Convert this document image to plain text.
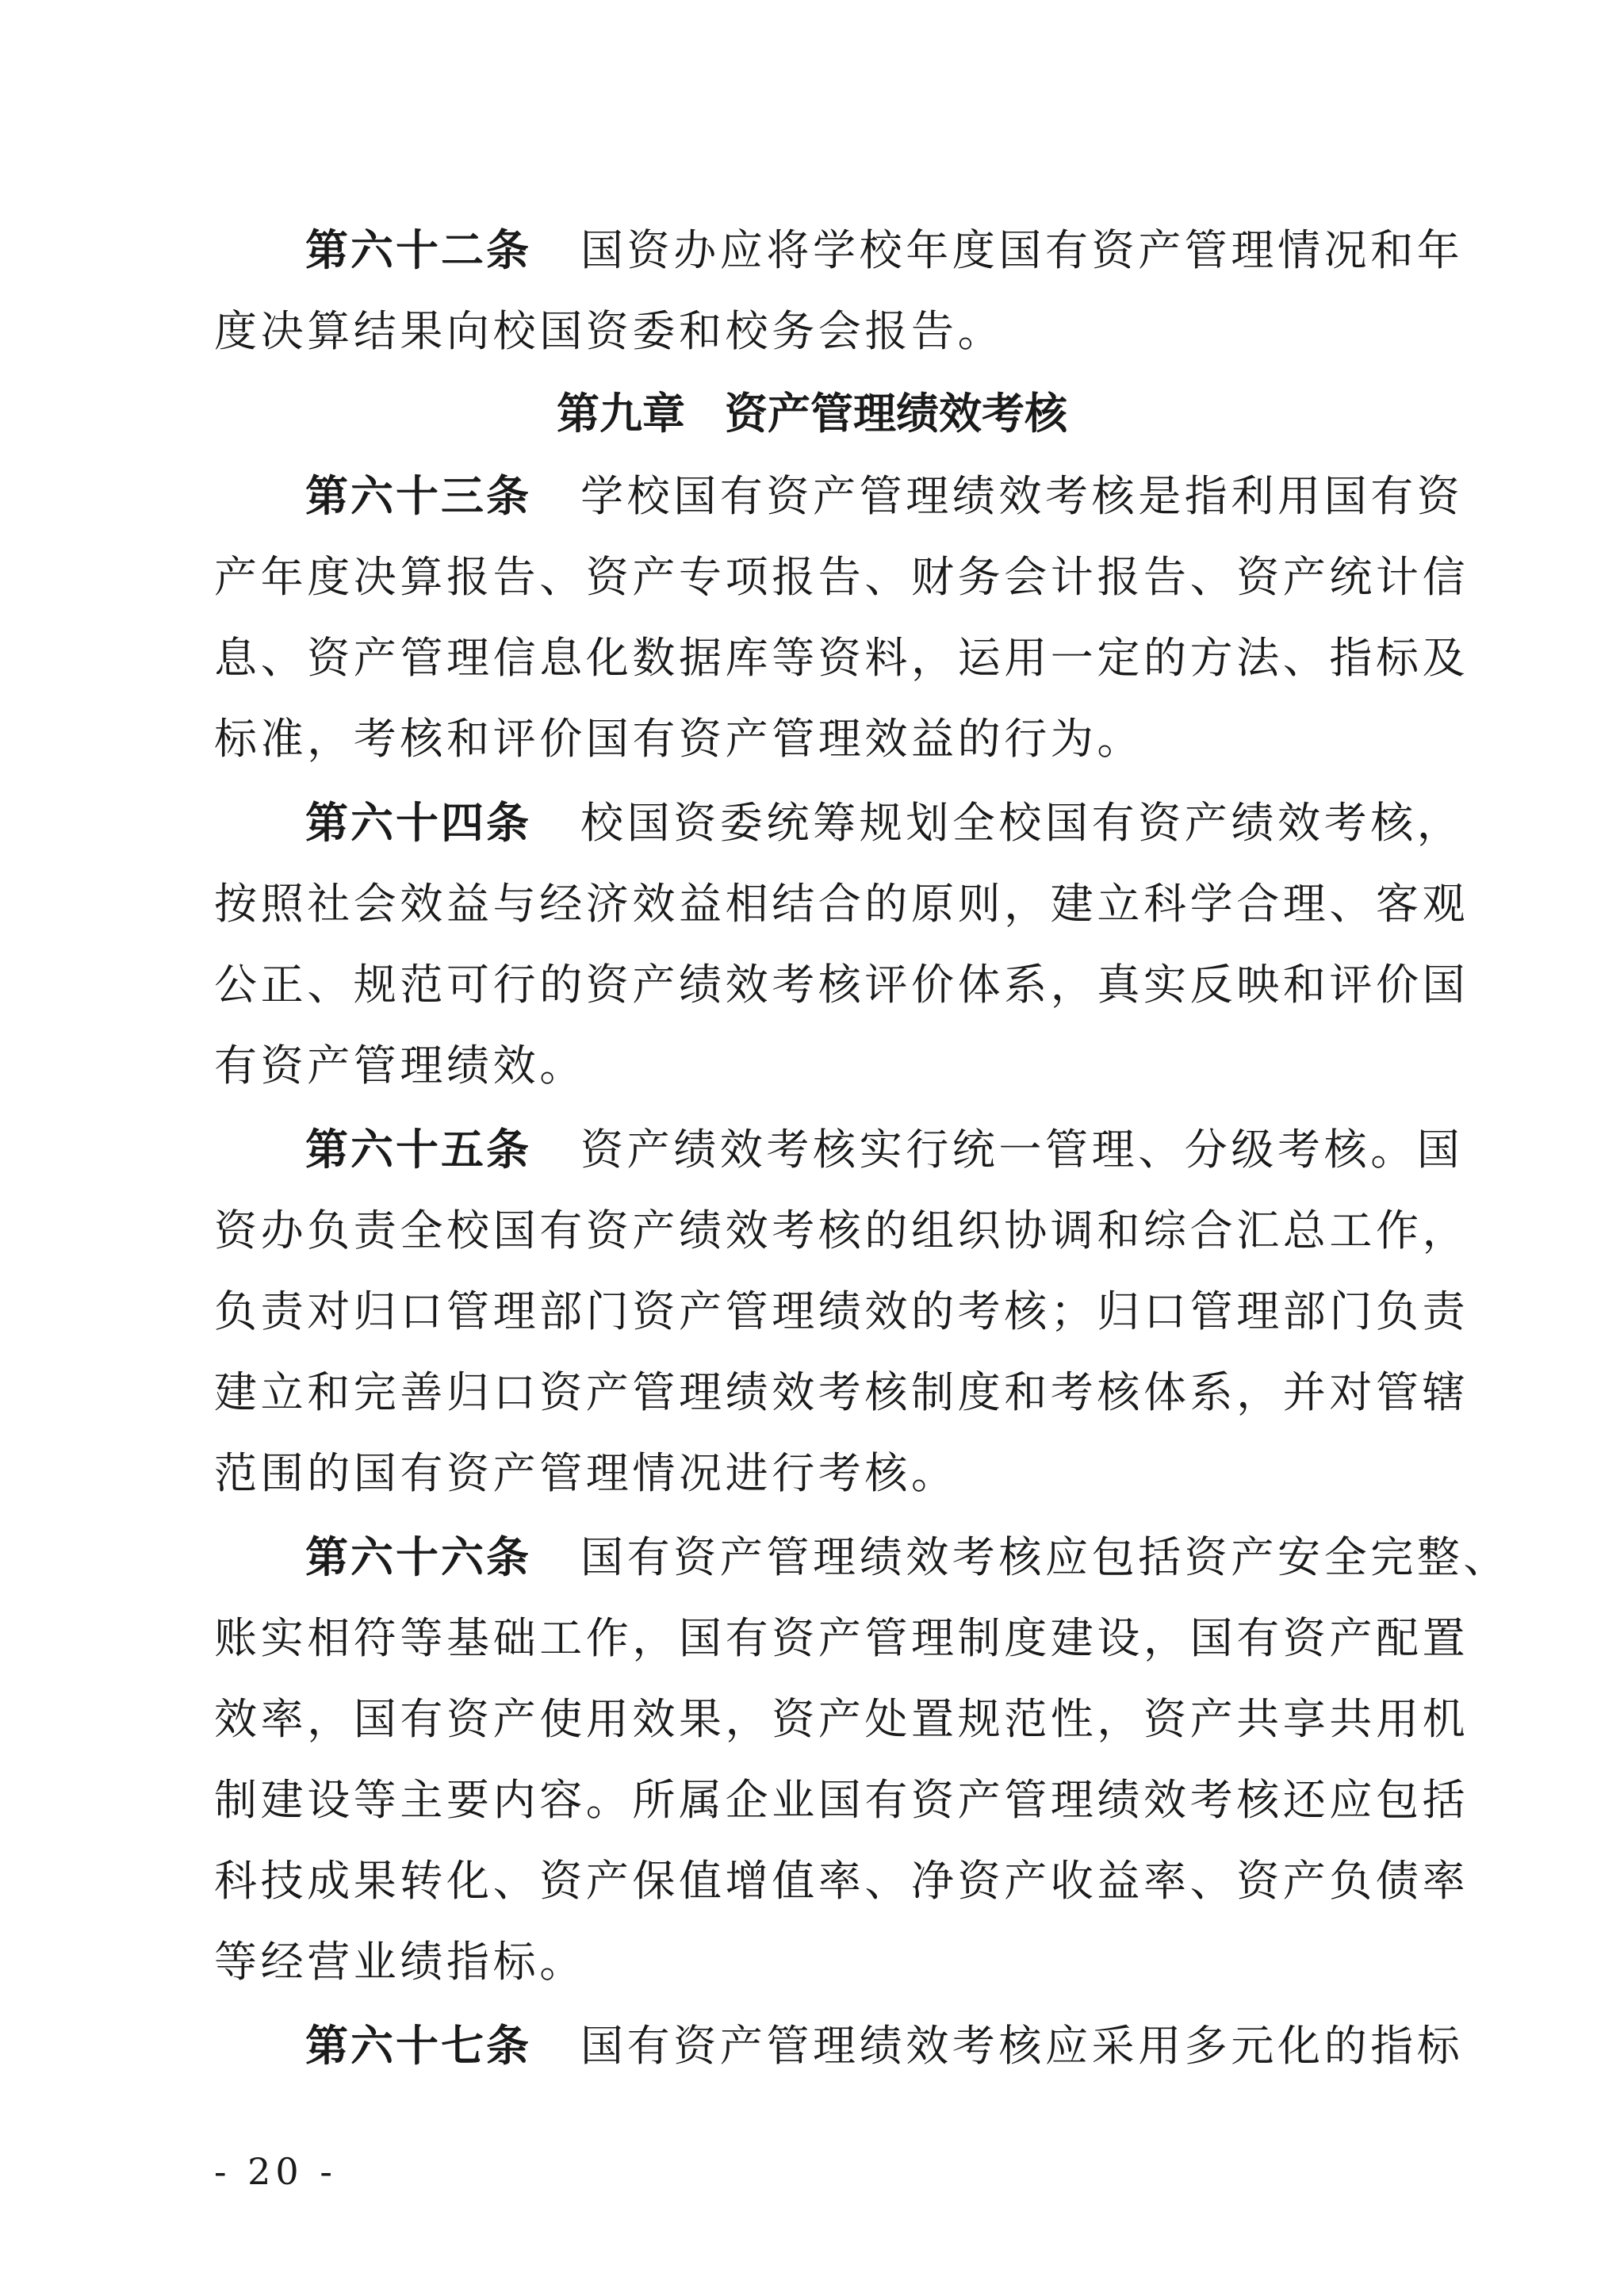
第六十二条 国资办应将学校年度国有资产管理情况和年
度决算结果向校国资委和校务会报告。
第九章 资产管理绩效考核
第六十三条 学校国有资产管理绩效考核是指利用国有资
产年度决算报告、资产专项报告、财务会计报告、资产统计信
息、资产管理信息化数据库等资料，运用一定的方法、指标及
标准，考核和评价国有资产管理效益的行为。
第六十四条 校国资委统筹规划全校国有资产绩效考核，
按照社会效益与经济效益相结合的原则，建立科学合理、客观
公正、规范可行的资产绩效考核评价体系，真实反映和评价国
有资产管理绩效。
第六十五条 资产绩效考核实行统一管理、分级考核。国
资办负责全校国有资产绩效考核的组织协调和综合汇总工作，
负责对归口管理部门资产管理绩效的考核；归口管理部门负责
建立和完善归口资产管理绩效考核制度和考核体系，并对管辖
范围的国有资产管理情况进行考核。
第六十六条 国有资产管理绩效考核应包括资产安全完整、
账实相符等基础工作，国有资产管理制度建设，国有资产配置
效率，国有资产使用效果，资产处置规范性，资产共享共用机
制建设等主要内容。所属企业国有资产管理绩效考核还应包括
科技成果转化、资产保值增值率、净资产收益率、资产负债率
等经营业绩指标。
第六十七条 国有资产管理绩效考核应采用多元化的指标
- 20 -
